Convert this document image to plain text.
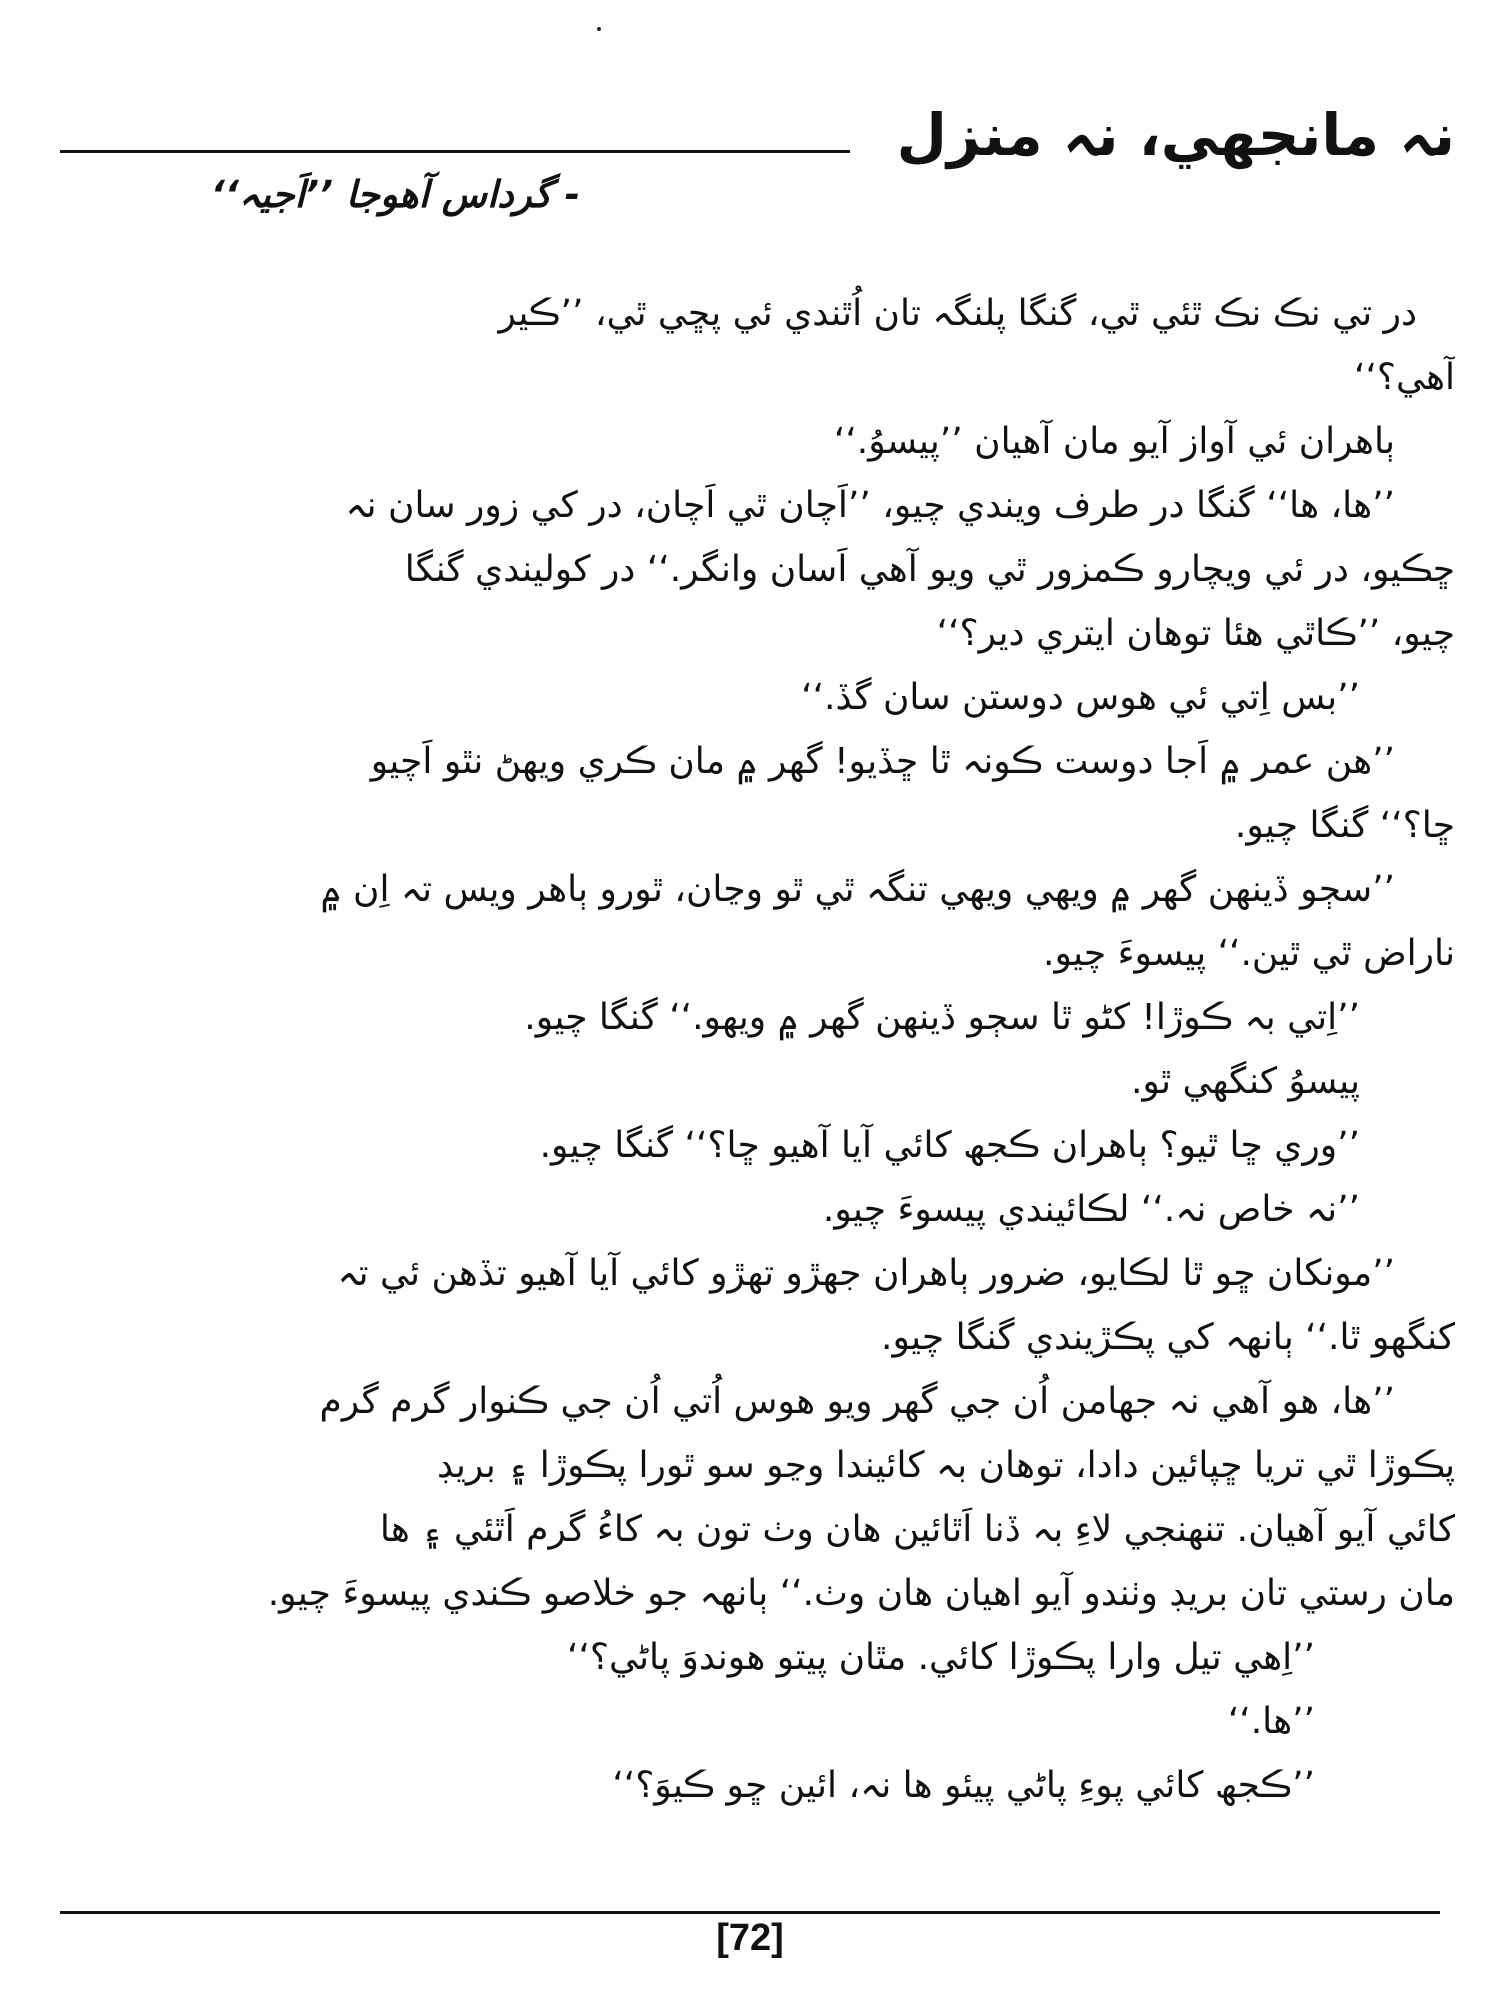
نہ مانجهي، نہ منزل
- گرداس آهوجا ’’اَجيہ‘‘
در تي نڪ نڪ ٿئي ٿي، گنگا پلنگہ تان اُٿندي ئي پڇي ٿي، ’’ڪير
آهي؟‘‘
ٻاهران ئي آواز آيو مان آهيان ’’پيسوُ.‘‘
’’ها، ها‘‘ گنگا در طرف ويندي چيو، ’’اَچان ٿي اَچان، در کي زور سان نہ
ڇڪيو، در ئي ويچارو ڪمزور ٿي ويو آهي اَسان وانگر.‘‘ در کوليندي گنگا
چيو، ’’ڪاٿي هئا توهان ايتري دير؟‘‘
’’بس اِتي ئي هوس دوستن سان گڏ.‘‘
’’هن عمر ۾ اَجا دوست ڪونہ ٿا ڇڏيو! گهر ۾ مان ڪري ويهڻ نٿو اَچيو
ڇا؟‘‘ گنگا چيو.
’’سڄو ڏينهن گهر ۾ ويهي ويهي تنگہ ٿي ٿو وڃان، ٿورو ٻاهر ويس تہ اِن ۾
ناراض ٿي ٿين.‘‘ پيسوءَ چيو.
’’اِتي بہ ڪوڙا! کڻو ٿا سڄو ڏينهن گهر ۾ ويهو.‘‘ گنگا چيو.
پيسوُ کنگهي ٿو.
’’وري ڇا ٿيو؟ ٻاهران ڪجھ کائي آيا آهيو ڇا؟‘‘ گنگا چيو.
’’نہ خاص نہ.‘‘ لڪائيندي پيسوءَ چيو.
’’مونکان ڇو ٿا لڪايو، ضرور ٻاهران جهڙو تهڙو کائي آيا آهيو تڏهن ئي تہ
کنگهو ٿا.‘‘ ٻانهہ کي پڪڙيندي گنگا چيو.
’’ها، هو آهي نہ جهامن اُن جي گهر ويو هوس اُتي اُن جي ڪنوار گرم گرم
پڪوڙا ٿي تريا ڇپائين دادا، توهان بہ کائيندا وڃو سو ٿورا پڪوڙا ۽ بريڊ
کائي آيو آهيان. تنهنجي لاءِ بہ ڏنا اَٿائين هان وٺ تون بہ کاءُ گرم اَٿئي ۽ ها
مان رستي تان بريڊ وٺندو آيو اهيان هان وٺ.‘‘ ٻانهہ جو خلاصو ڪندي پيسوءَ چيو.
’’اِهي تيل وارا پڪوڙا کائي. مٿان پيتو هوندوَ پاڻي؟‘‘
’’ها.‘‘
’’ڪجھ کائي پوءِ پاڻي پيئو ها نہ، ائين ڇو ڪيوَ؟‘‘
[72]
